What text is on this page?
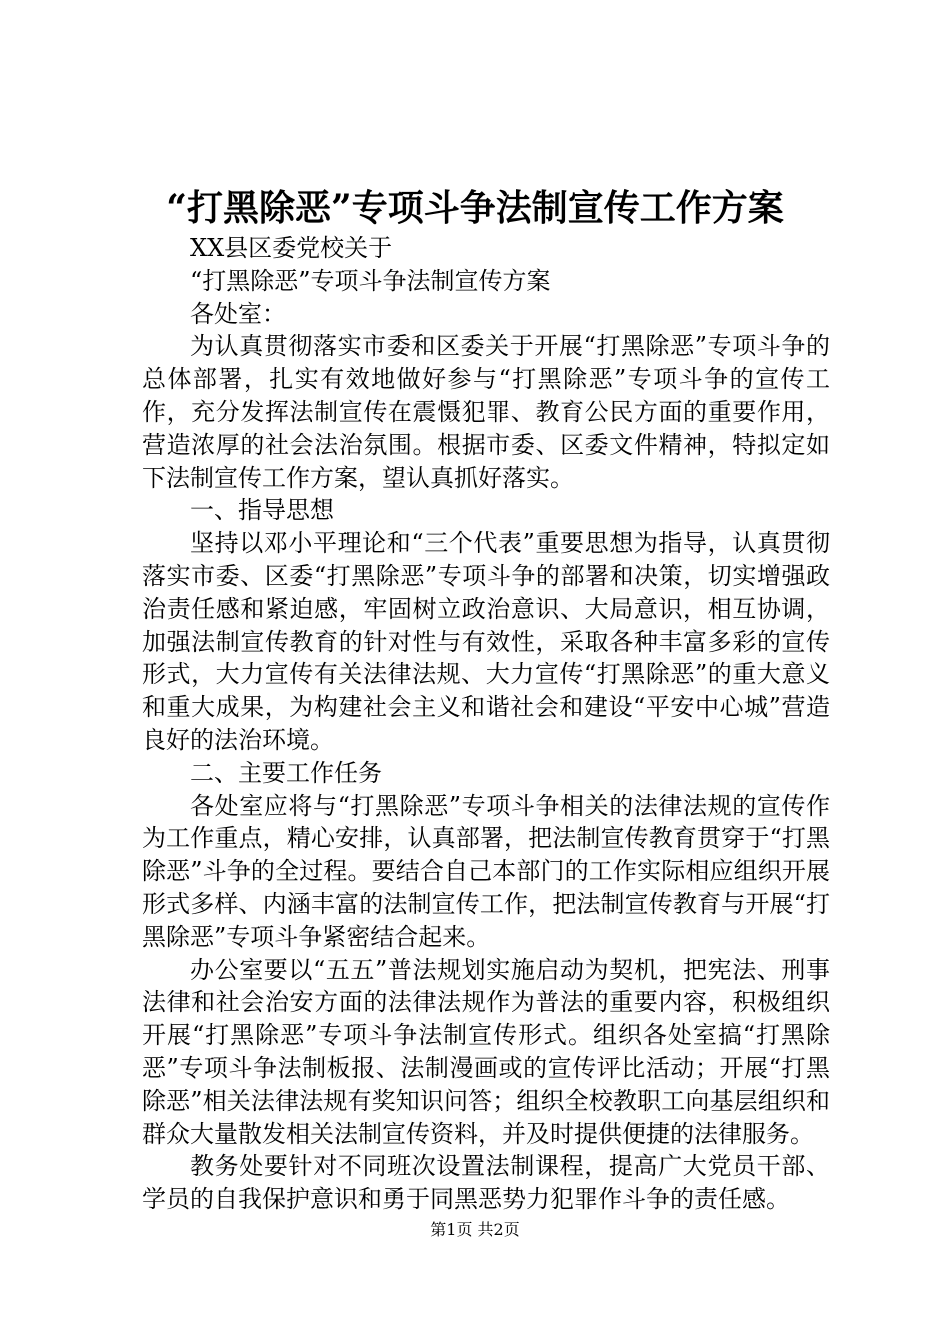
“打黑除恶”专项斗争法制宣传工作方案

XX县区委党校关于

“打黑除恶”专项斗争法制宣传方案

各处室：

为认真贯彻落实市委和区委关于开展“打黑除恶”专项斗争的总体部署，扎实有效地做好参与“打黑除恶”专项斗争的宣传工作，充分发挥法制宣传在震慑犯罪、教育公民方面的重要作用，营造浓厚的社会法治氛围。根据市委、区委文件精神，特拟定如下法制宣传工作方案，望认真抓好落实。

一、指导思想

坚持以邓小平理论和“三个代表”重要思想为指导，认真贯彻落实市委、区委“打黑除恶”专项斗争的部署和决策，切实增强政治责任感和紧迫感，牢固树立政治意识、大局意识，相互协调，加强法制宣传教育的针对性与有效性，采取各种丰富多彩的宣传形式，大力宣传有关法律法规、大力宣传“打黑除恶”的重大意义和重大成果，为构建社会主义和谐社会和建设“平安中心城”营造良好的法治环境。

二、主要工作任务

各处室应将与“打黑除恶”专项斗争相关的法律法规的宣传作为工作重点，精心安排，认真部署，把法制宣传教育贯穿于“打黑除恶”斗争的全过程。要结合自己本部门的工作实际相应组织开展形式多样、内涵丰富的法制宣传工作，把法制宣传教育与开展“打黑除恶”专项斗争紧密结合起来。

办公室要以“五五”普法规划实施启动为契机，把宪法、刑事法律和社会治安方面的法律法规作为普法的重要内容，积极组织开展“打黑除恶”专项斗争法制宣传形式。组织各处室搞“打黑除恶”专项斗争法制板报、法制漫画或的宣传评比活动；开展“打黑除恶”相关法律法规有奖知识问答；组织全校教职工向基层组织和群众大量散发相关法制宣传资料，并及时提供便捷的法律服务。

教务处要针对不同班次设置法制课程，提高广大党员干部、学员的自我保护意识和勇于同黑恶势力犯罪作斗争的责任感。

第1页 共2页
